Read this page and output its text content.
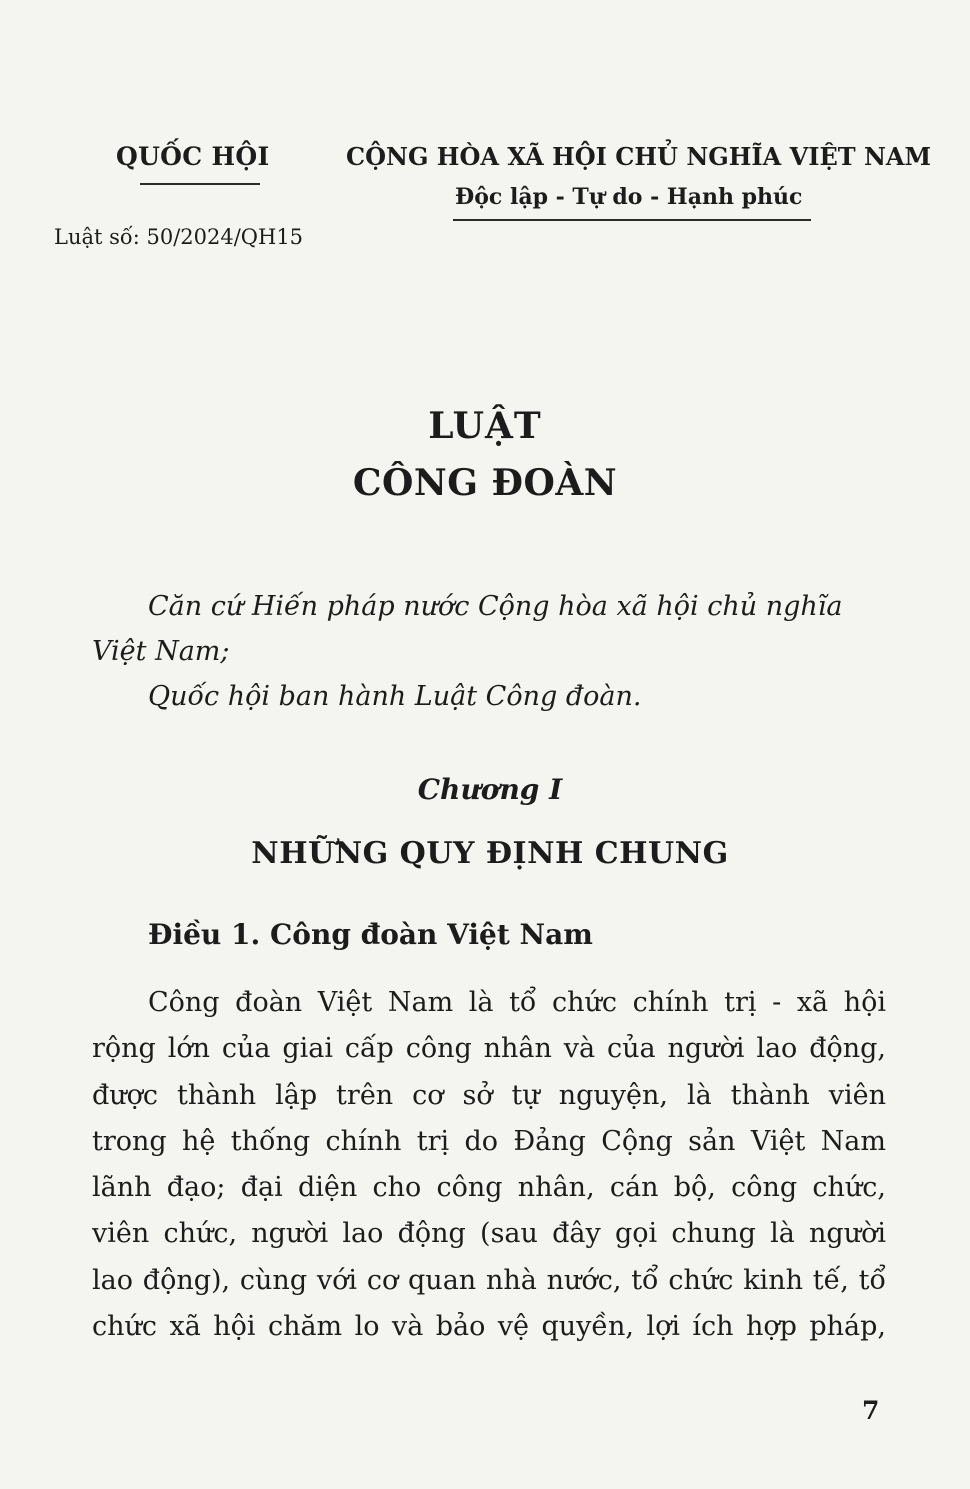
QUỐC HỘI	CỘNG HÒA XÃ HỘI CHỦ NGHĨA VIỆT NAM
Độc lập - Tự do - Hạnh phúc
Luật số: 50/2024/QH15
LUẬT
CÔNG ĐOÀN

Căn cứ Hiến pháp nước Cộng hòa xã hội chủ nghĩa Việt Nam;

Quốc hội ban hành Luật Công đoàn.

Chương I
NHỮNG QUY ĐỊNH CHUNG
Điều 1. Công đoàn Việt Nam
Công đoàn Việt Nam là tổ chức chính trị - xã hội
rộng lớn của giai cấp công nhân và của người lao động,
được thành lập trên cơ sở tự nguyện, là thành viên
trong hệ thống chính trị do Đảng Cộng sản Việt Nam
lãnh đạo; đại diện cho công nhân, cán bộ, công chức,
viên chức, người lao động (sau đây gọi chung là người
lao động), cùng với cơ quan nhà nước, tổ chức kinh tế, tổ
chức xã hội chăm lo và bảo vệ quyền, lợi ích hợp pháp,
7
